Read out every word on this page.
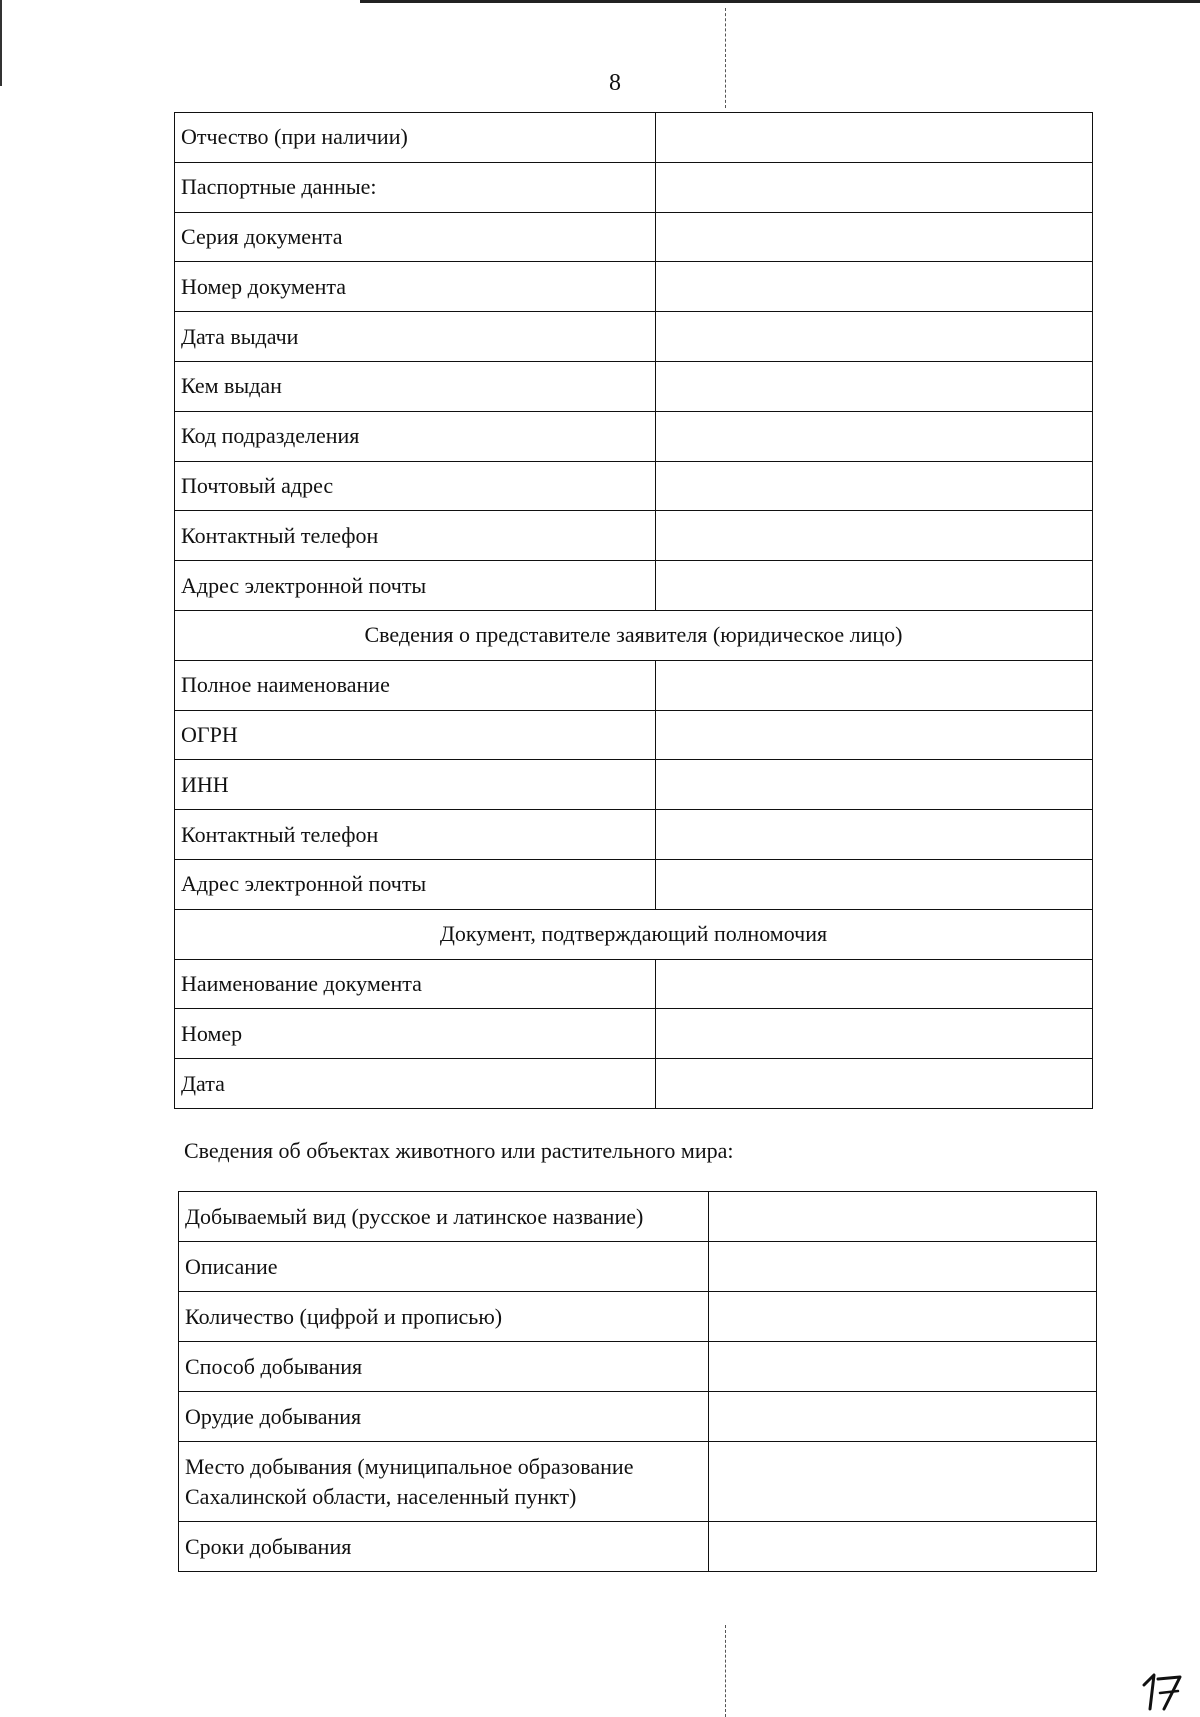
8
Отчество (при наличии)	
Паспортные данные:	
Серия документа	
Номер документа	
Дата выдачи	
Кем выдан	
Код подразделения	
Почтовый адрес	
Контактный телефон	
Адрес электронной почты	
Сведения о представителе заявителя (юридическое лицо)	
Полное наименование	
ОГРН	
ИНН	
Контактный телефон	
Адрес электронной почты	
Документ, подтверждающий полномочия	
Наименование документа	
Номер	
Дата	
Сведения об объектах животного или растительного мира:
Добываемый вид (русское и латинское название)	
Описание	
Количество (цифрой и прописью)	
Способ добывания	
Орудие добывания	
Место добывания (муниципальное образование Сахалинской области, населенный пункт)	
Сроки добывания	
